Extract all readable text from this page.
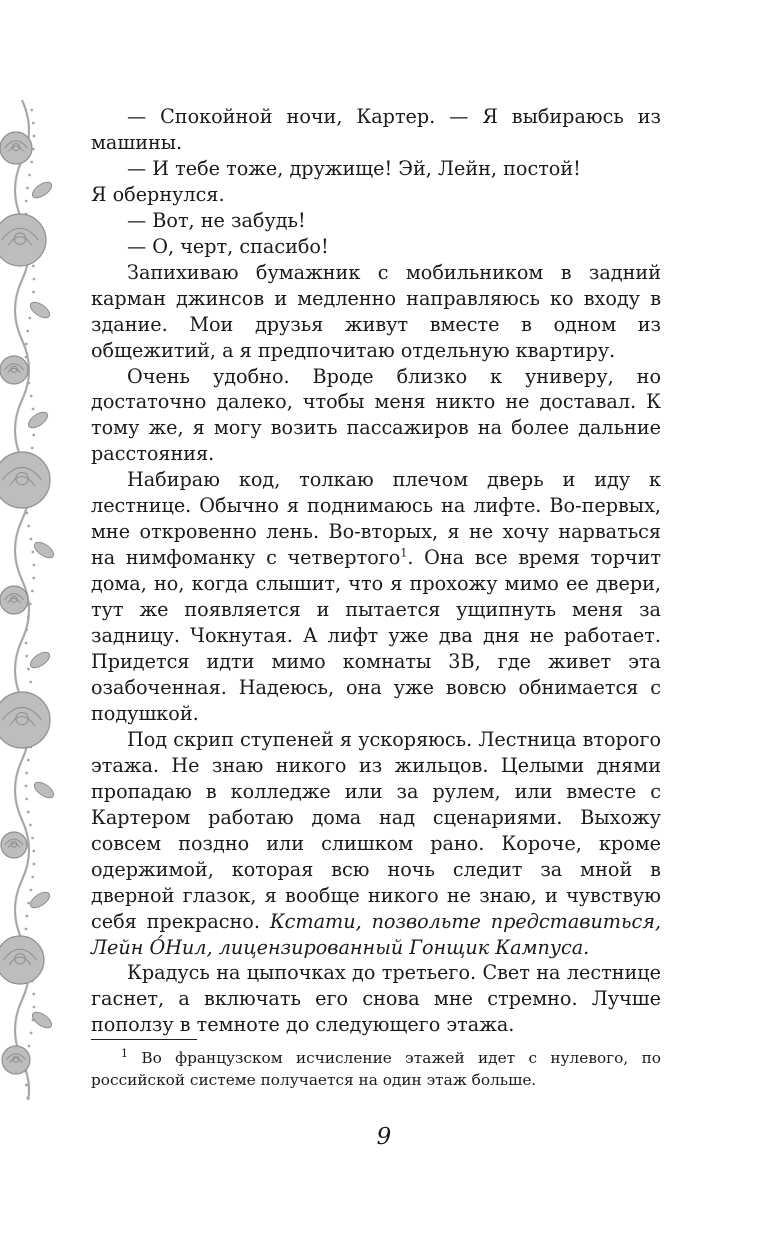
— Спокойной ночи, Картер. — Я выбираюсь из машины.

— И тебе тоже, дружище! Эй, Лейн, постой!

Я обернулся.

— Вот, не забудь!

— О, черт, спасибо!

Запихиваю бумажник с мобильником в задний карман джинсов и медленно направляюсь ко входу в здание. Мои друзья живут вместе в одном из общежитий, а я предпочитаю отдельную квартиру.

Очень удобно. Вроде близко к универу, но достаточно далеко, чтобы меня никто не доставал. К тому же, я могу возить пассажиров на более дальние расстояния.

Набираю код, толкаю плечом дверь и иду к лестнице. Обычно я поднимаюсь на лифте. Во-первых, мне откровенно лень. Во-вторых, я не хочу нарваться на нимфоманку с четвертого$^1$. Она все время торчит дома, но, когда слышит, что я прохожу мимо ее двери, тут же появляется и пытается ущипнуть меня за задницу. Чокнутая. А лифт уже два дня не работает. Придется идти мимо комнаты 3В, где живет эта озабоченная. Надеюсь, она уже вовсю обнимается с подушкой.

Под скрип ступеней я ускоряюсь. Лестница второго этажа. Не знаю никого из жильцов. Целыми днями пропадаю в колледже или за рулем, или вместе с Картером работаю дома над сценариями. Выхожу совсем поздно или слишком рано. Короче, кроме одержимой, которая всю ночь следит за мной в дверной глазок, я вообще никого не знаю, и чувствую себя прекрасно. Кстати, позвольте представиться, Лейн О́Нил, лицензированный Гонщик Кампуса.

Крадусь на цыпочках до третьего. Свет на лестнице гаснет, а включать его снова мне стремно. Лучше поползу в темноте до следующего этажа.

$^1$ Во французском исчисление этажей идет с нулевого, по российской системе получается на один этаж больше.

9
